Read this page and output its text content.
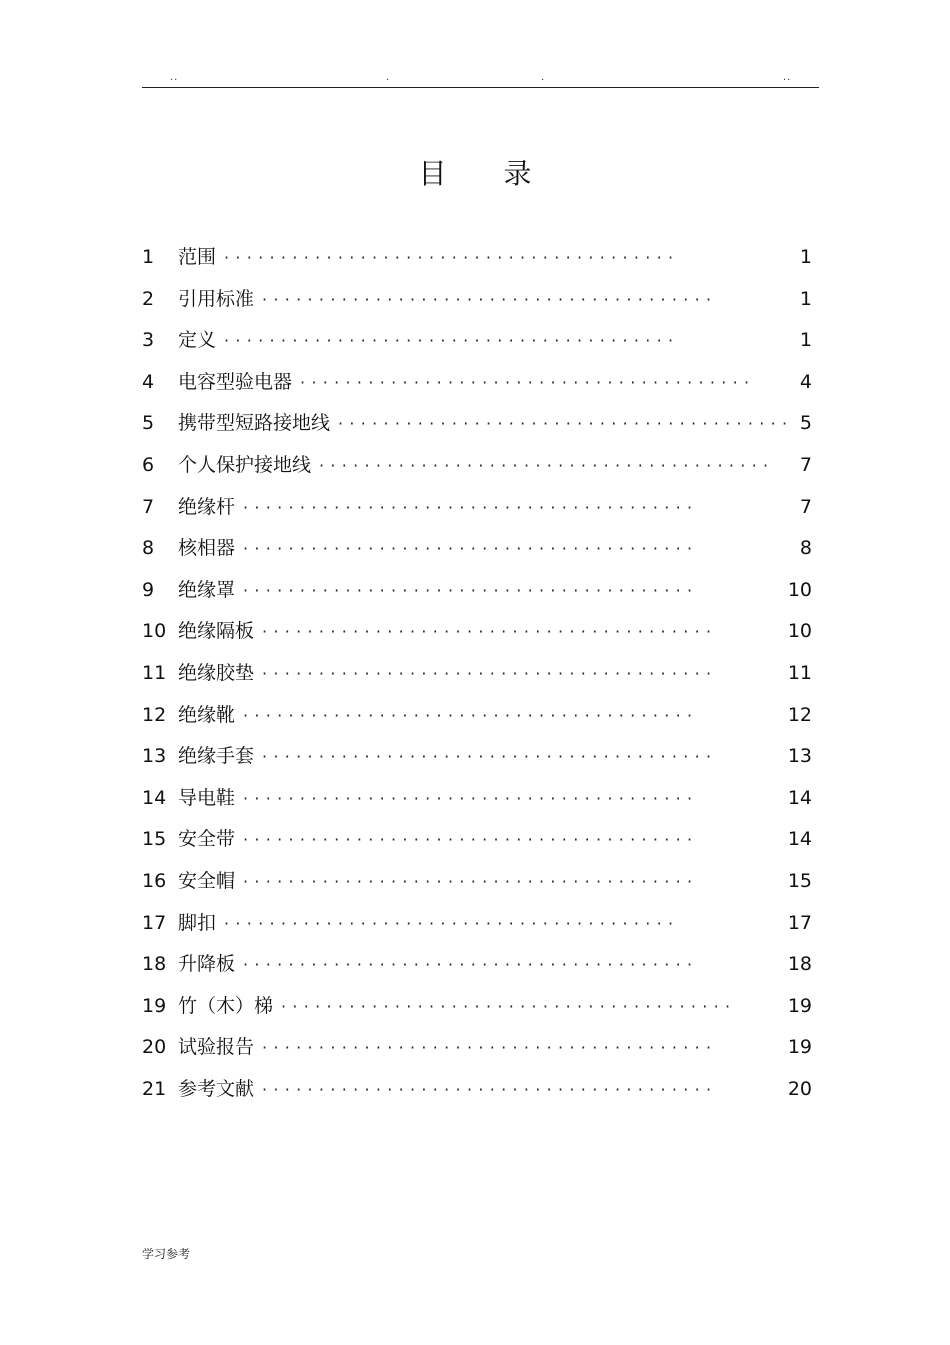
..	.	.	..
目 录
1	范围 ········································	1
2	引用标准 ········································	1
3	定义 ········································	1
4	电容型验电器 ········································ 4
5	携带型短路接地线 ········································ 5
6	个人保护接地线 ········································ 7
7	绝缘杆 ········································	7
8	核相器 ········································	8
9	绝缘罩 ········································	10
10 绝缘隔板 ········································	10
11 绝缘胶垫 ········································	11
12 绝缘靴 ········································	12
13 绝缘手套 ········································	13
14 导电鞋 ········································	14
15 安全带 ········································	14
16 安全帽 ········································	15
17 脚扣 ········································	17
18 升降板 ········································	18
19 竹（木）梯 ········································	19
20 试验报告 ········································	19
21 参考文献 ········································	20
学习参考
